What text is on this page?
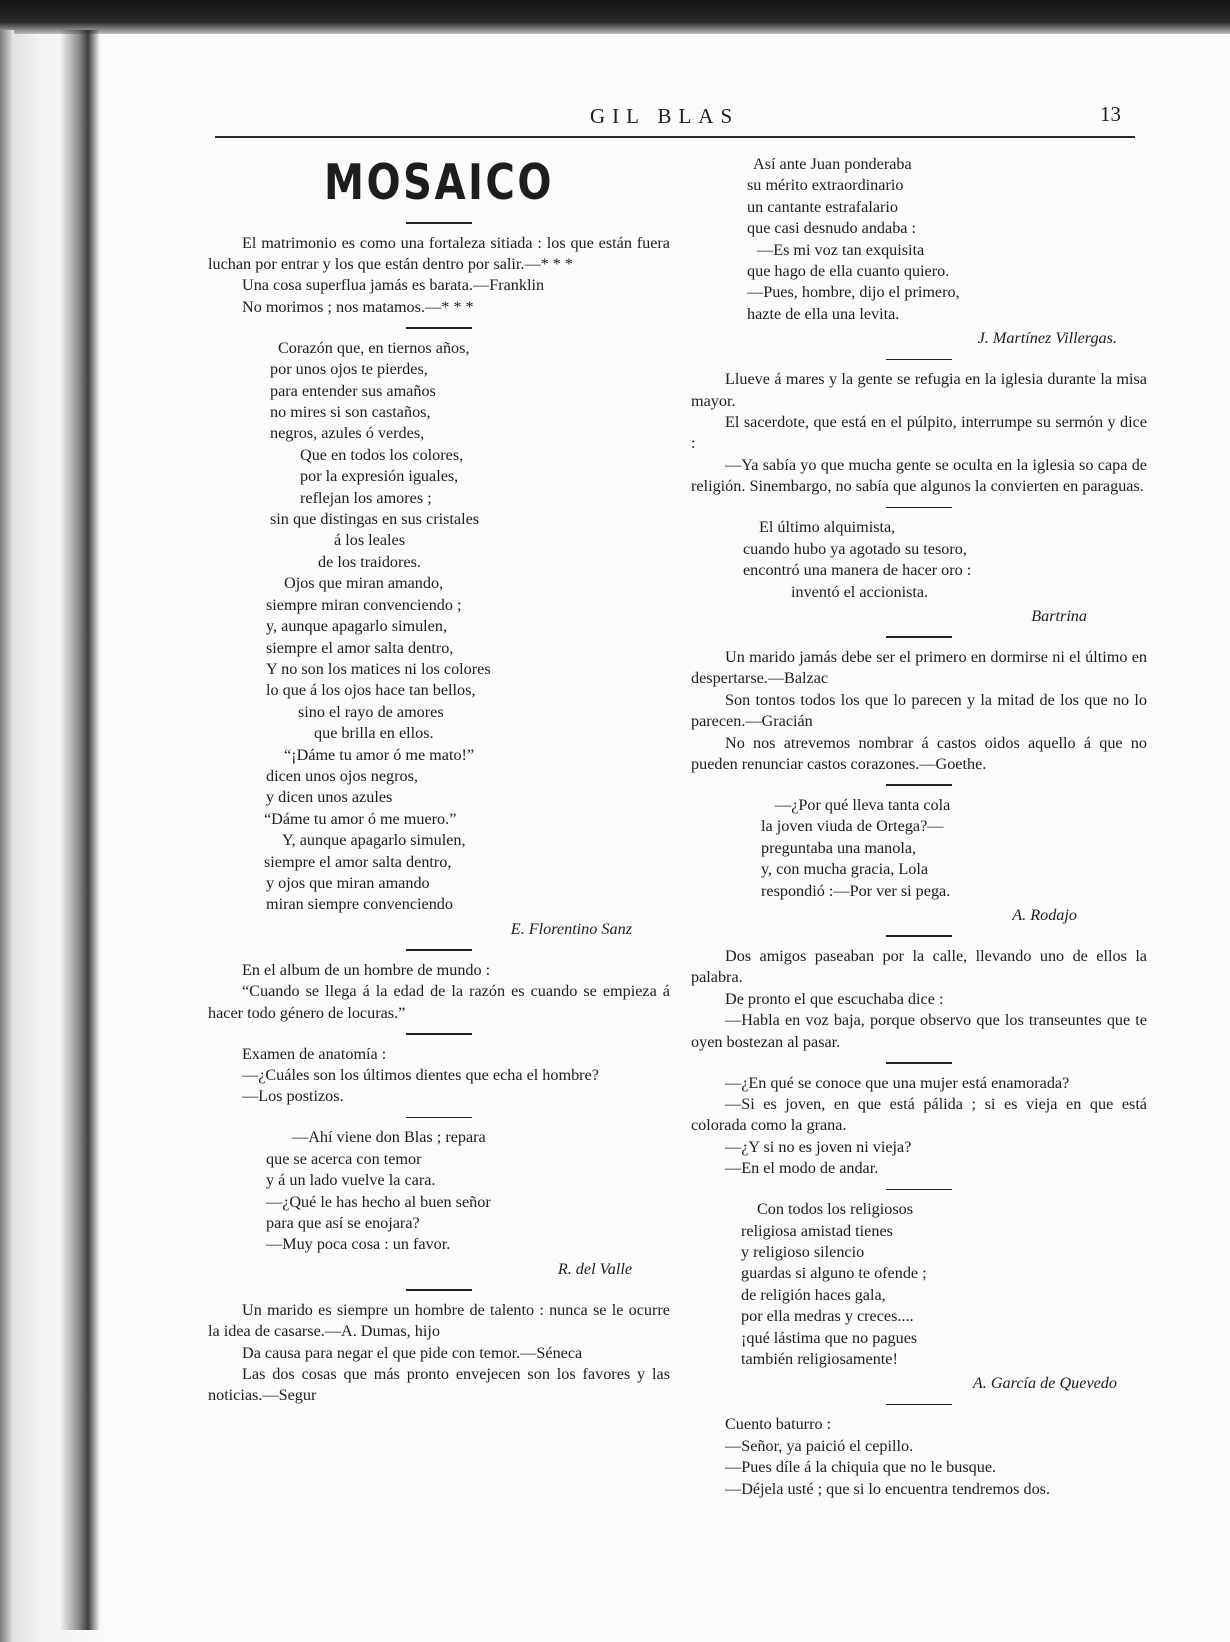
GIL BLAS	13
MOSAICO

El matrimonio es como una fortaleza sitiada : los que están fuera luchan por entrar y los que están dentro por salir.—* * *

Una cosa superflua jamás es barata.—Franklin

No morimos ; nos matamos.—* * *

Corazón que, en tiernos años,
por unos ojos te pierdes,
para entender sus amaños
no mires si son castaños,
negros, azules ó verdes,
Que en todos los colores,
por la expresión iguales,
reflejan los amores ;
sin que distingas en sus cristales
á los leales
de los traidores.
Ojos que miran amando,
siempre miran convenciendo ;
y, aunque apagarlo simulen,
siempre el amor salta dentro,
Y no son los matices ni los colores
lo que á los ojos hace tan bellos,
sino el rayo de amores
que brilla en ellos.
“¡Dáme tu amor ó me mato!”
dicen unos ojos negros,
y dicen unos azules
“Dáme tu amor ó me muero.”
Y, aunque apagarlo simulen,
siempre el amor salta dentro,
y ojos que miran amando
miran siempre convenciendo
E. Florentino Sanz
En el album de un hombre de mundo :

“Cuando se llega á la edad de la razón es cuando se empieza á hacer todo género de locuras.”

Examen de anatomía :

—¿Cuáles son los últimos dientes que echa el hombre?

—Los postizos.
—Ahí viene don Blas ; repara
que se acerca con temor
y á un lado vuelve la cara.
—¿Qué le has hecho al buen señor
para que así se enojara?
—Muy poca cosa : un favor.
R. del Valle

Un marido es siempre un hombre de talento : nunca se le ocurre la idea de casarse.—A. Dumas, hijo

Da causa para negar el que pide con temor.—Séneca

Las dos cosas que más pronto envejecen son los favores y las noticias.—Segur

Así ante Juan ponderaba
su mérito extraordinario
un cantante estrafalario
que casi desnudo andaba :
—Es mi voz tan exquisita
que hago de ella cuanto quiero.
—Pues, hombre, dijo el primero,
hazte de ella una levita.
J. Martínez Villergas.

Llueve á mares y la gente se refugia en la iglesia durante la misa mayor.

El sacerdote, que está en el púlpito, interrumpe su sermón y dice :

—Ya sabía yo que mucha gente se oculta en la iglesia so capa de religión. Sinembargo, no sabía que algunos la convierten en paraguas.

El último alquimista,
cuando hubo ya agotado su tesoro,
encontró una manera de hacer oro :
inventó el accionista.
Bartrina

Un marido jamás debe ser el primero en dormirse ni el último en despertarse.—Balzac

Son tontos todos los que lo parecen y la mitad de los que no lo parecen.—Gracián

No nos atrevemos nombrar á castos oidos aquello á que no pueden renunciar castos corazones.—Goethe.

—¿Por qué lleva tanta cola
la joven viuda de Ortega?—
preguntaba una manola,
y, con mucha gracia, Lola
respondió :—Por ver si pega.
A. Rodajo

Dos amigos paseaban por la calle, llevando uno de ellos la palabra.

De pronto el que escuchaba dice :

—Habla en voz baja, porque observo que los transeuntes que te oyen bostezan al pasar.

—¿En qué se conoce que una mujer está enamorada?

—Si es joven, en que está pálida ; si es vieja en que está colorada como la grana.

—¿Y si no es joven ni vieja?

—En el modo de andar.

Con todos los religiosos
religiosa amistad tienes
y religioso silencio
guardas si alguno te ofende ;
de religión haces gala,
por ella medras y creces....
¡qué lástima que no pagues
también religiosamente!
A. García de Quevedo
Cuento baturro :
—Señor, ya paició el cepillo.
—Pues díle á la chiquia que no le busque.
—Déjela usté ; que si lo encuentra tendremos dos.
